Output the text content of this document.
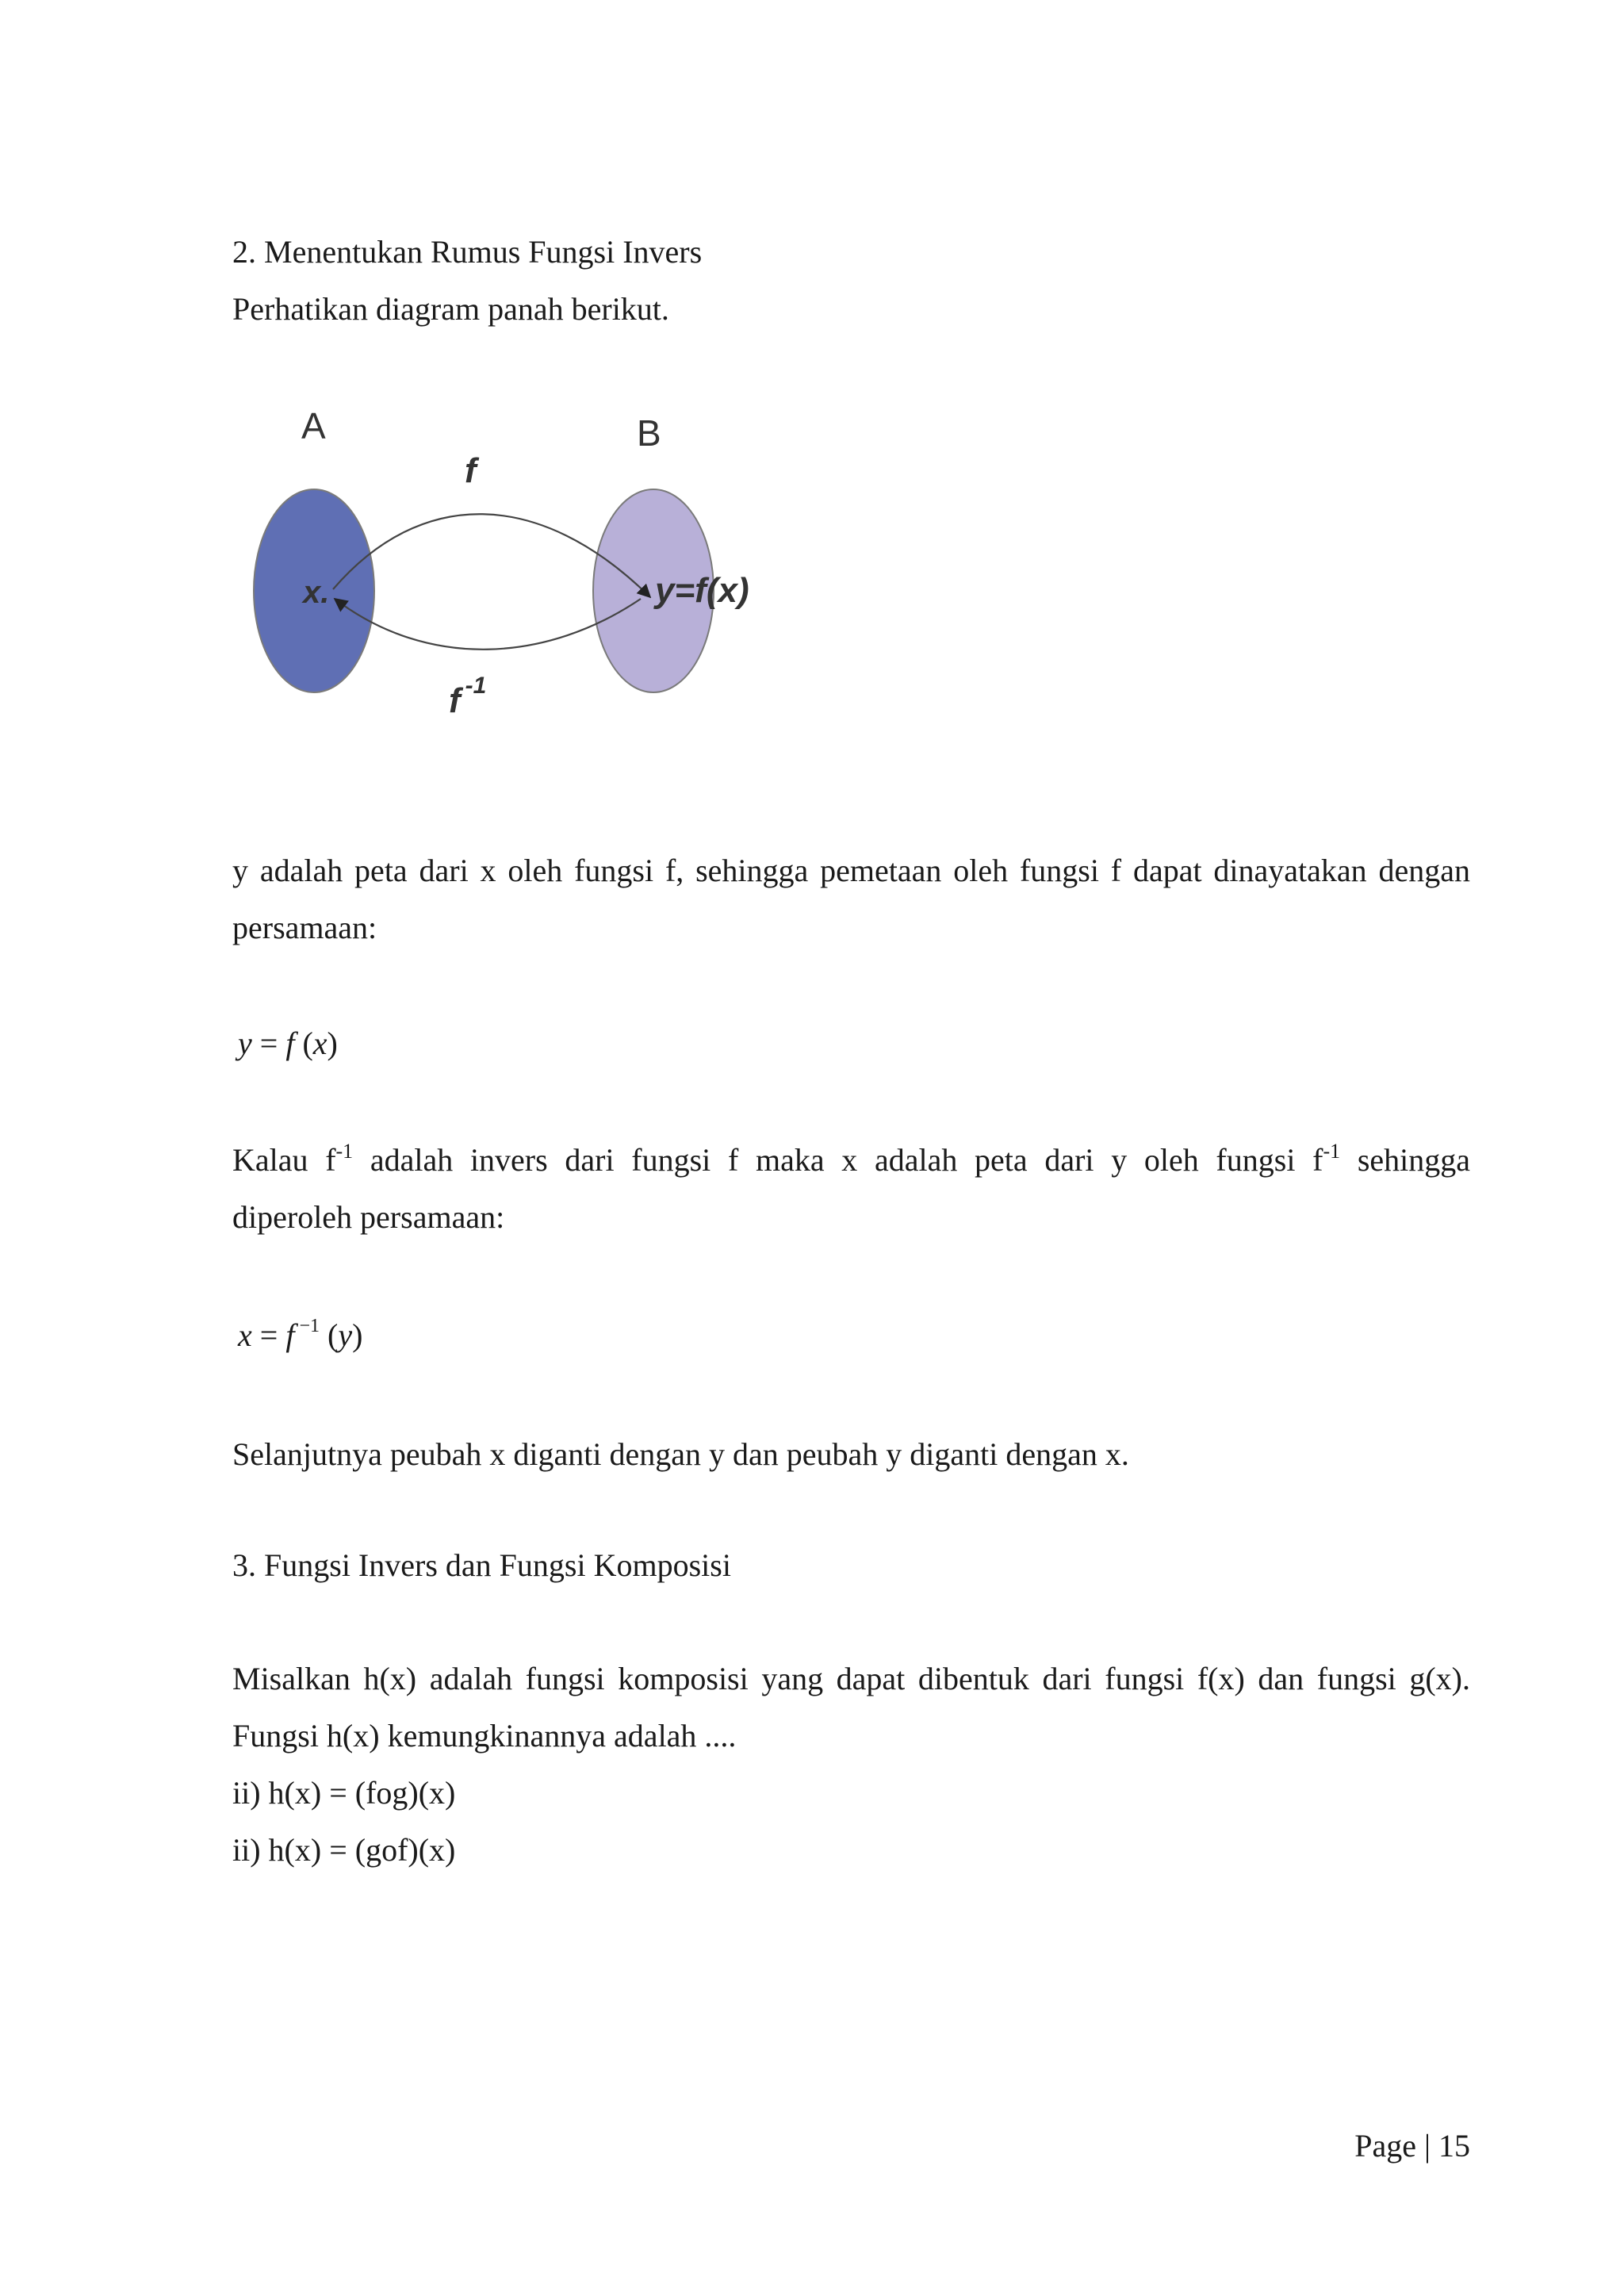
2. Menentukan Rumus Fungsi Invers
Perhatikan diagram panah berikut.
A	B
f
x.	y=f(x)
f -1
y adalah peta dari x oleh fungsi f, sehingga pemetaan oleh fungsi f dapat dinayatakan dengan
persamaan:
y = f (x)
Kalau $f^{-1}$ adalah invers dari fungsi f maka x adalah peta dari y oleh fungsi $f^{-1}$ sehingga
diperoleh persamaan:
x = f $^{-1}$ (y)
Selanjutnya peubah x diganti dengan y dan peubah y diganti dengan x.
3. Fungsi Invers dan Fungsi Komposisi
Misalkan h(x) adalah fungsi komposisi yang dapat dibentuk dari fungsi f(x) dan fungsi g(x).
Fungsi h(x) kemungkinannya adalah ....
ii) h(x) = (fog)(x)
ii) h(x) = (gof)(x)
Page | 15
